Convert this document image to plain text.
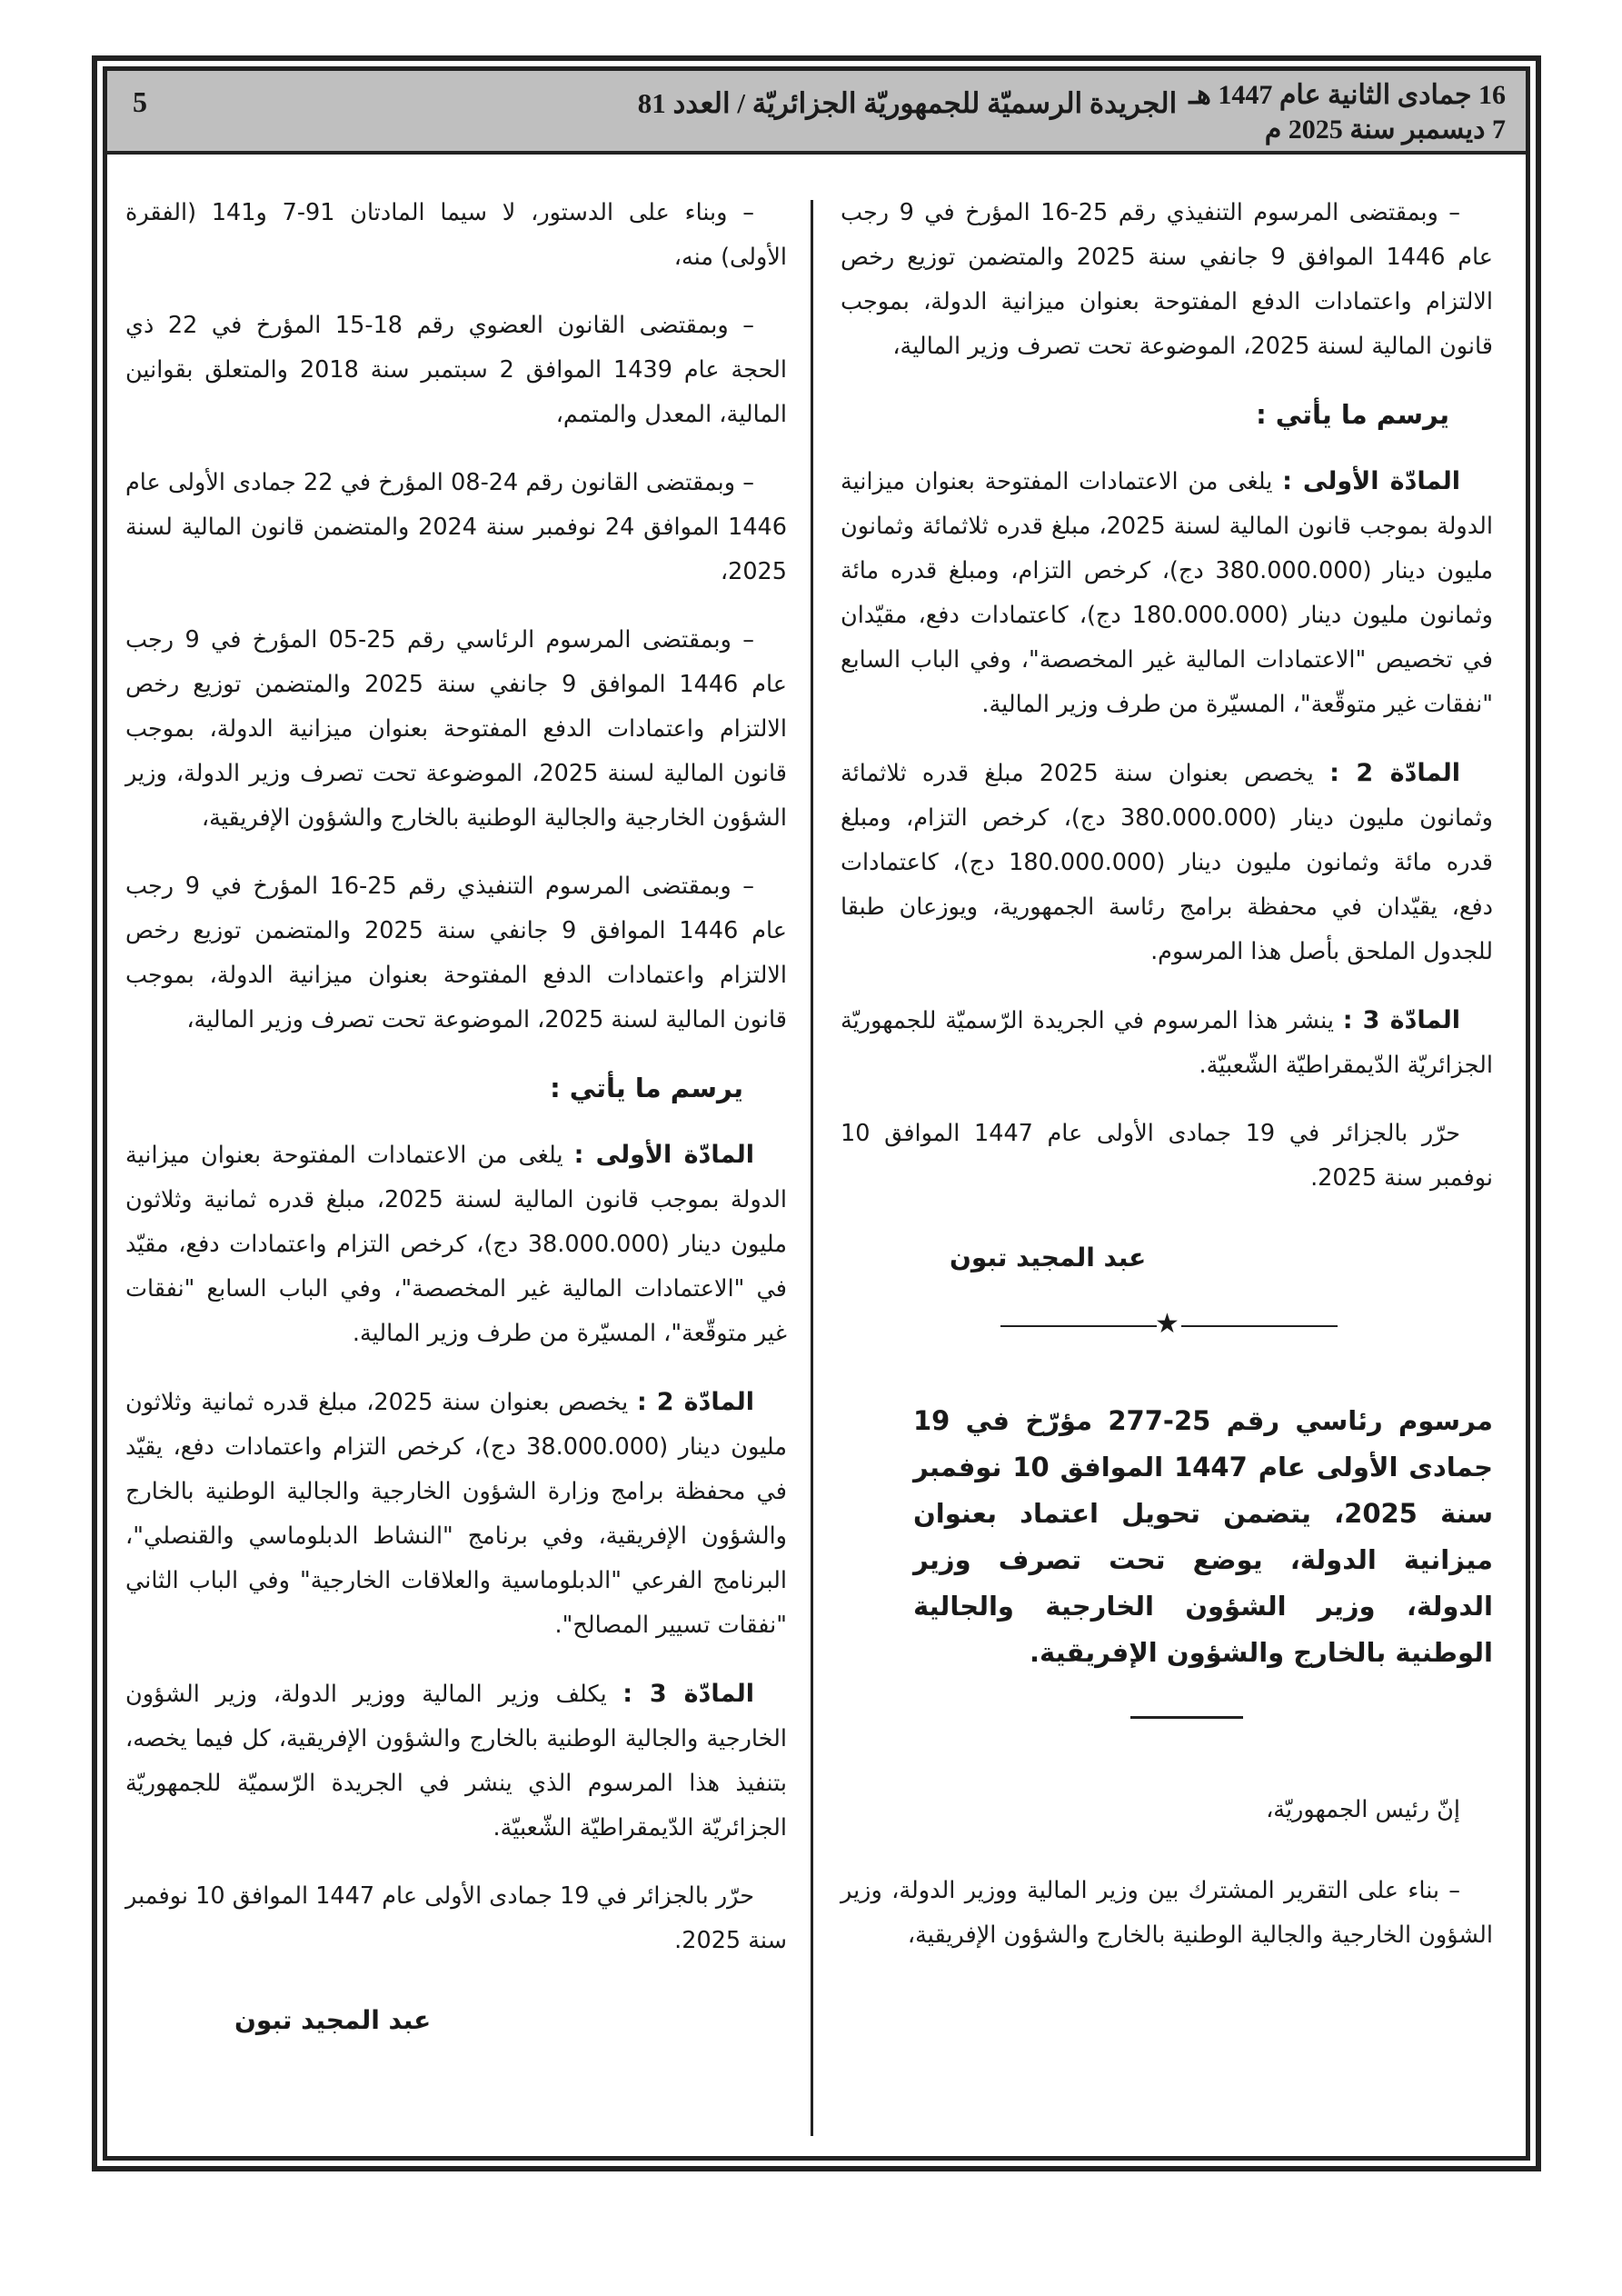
16 جمادى الثانية عام 1447 هـ
7 ديسمبر سنة 2025 م
الجريدة الرسميّة للجمهوريّة الجزائريّة / العدد 81
5

– وبمقتضى المرسوم التنفيذي رقم 25-16 المؤرخ في 9 رجب عام 1446 الموافق 9 جانفي سنة 2025 والمتضمن توزيع رخص الالتزام واعتمادات الدفع المفتوحة بعنوان ميزانية الدولة، بموجب قانون المالية لسنة 2025، الموضوعة تحت تصرف وزير المالية،

يرسم ما يأتي :

المادّة الأولى : يلغى من الاعتمادات المفتوحة بعنوان ميزانية الدولة بموجب قانون المالية لسنة 2025، مبلغ قدره ثلاثمائة وثمانون مليون دينار (380.000.000 دج)، كرخص التزام، ومبلغ قدره مائة وثمانون مليون دينار (180.000.000 دج)، كاعتمادات دفع، مقيّدان في تخصيص "الاعتمادات المالية غير المخصصة"، وفي الباب السابع "نفقات غير متوقّعة"، المسيّرة من طرف وزير المالية.

المادّة 2 : يخصص بعنوان سنة 2025 مبلغ قدره ثلاثمائة وثمانون مليون دينار (380.000.000 دج)، كرخص التزام، ومبلغ قدره مائة وثمانون مليون دينار (180.000.000 دج)، كاعتمادات دفع، يقيّدان في محفظة برامج رئاسة الجمهورية، ويوزعان طبقا للجدول الملحق بأصل هذا المرسوم.

المادّة 3 : ينشر هذا المرسوم في الجريدة الرّسميّة للجمهوريّة الجزائريّة الدّيمقراطيّة الشّعبيّة.

حرّر بالجزائر في 19 جمادى الأولى عام 1447 الموافق 10 نوفمبر سنة 2025.

عبد المجيد تبون
★
مرسوم رئاسي رقم 25-277 مؤرّخ في 19 جمادى الأولى عام 1447 الموافق 10 نوفمبر سنة 2025، يتضمن تحويل اعتماد بعنوان ميزانية الدولة، يوضع تحت تصرف وزير الدولة، وزير الشؤون الخارجية والجالية الوطنية بالخارج والشؤون الإفريقية.

إنّ رئيس الجمهوريّة،

– بناء على التقرير المشترك بين وزير المالية ووزير الدولة، وزير الشؤون الخارجية والجالية الوطنية بالخارج والشؤون الإفريقية،

– وبناء على الدستور، لا سيما المادتان 91-7 و141 (الفقرة الأولى) منه،

– وبمقتضى القانون العضوي رقم 18-15 المؤرخ في 22 ذي الحجة عام 1439 الموافق 2 سبتمبر سنة 2018 والمتعلق بقوانين المالية، المعدل والمتمم،

– وبمقتضى القانون رقم 24-08 المؤرخ في 22 جمادى الأولى عام 1446 الموافق 24 نوفمبر سنة 2024 والمتضمن قانون المالية لسنة 2025،

– وبمقتضى المرسوم الرئاسي رقم 25-05 المؤرخ في 9 رجب عام 1446 الموافق 9 جانفي سنة 2025 والمتضمن توزيع رخص الالتزام واعتمادات الدفع المفتوحة بعنوان ميزانية الدولة، بموجب قانون المالية لسنة 2025، الموضوعة تحت تصرف وزير الدولة، وزير الشؤون الخارجية والجالية الوطنية بالخارج والشؤون الإفريقية،

– وبمقتضى المرسوم التنفيذي رقم 25-16 المؤرخ في 9 رجب عام 1446 الموافق 9 جانفي سنة 2025 والمتضمن توزيع رخص الالتزام واعتمادات الدفع المفتوحة بعنوان ميزانية الدولة، بموجب قانون المالية لسنة 2025، الموضوعة تحت تصرف وزير المالية،

يرسم ما يأتي :

المادّة الأولى : يلغى من الاعتمادات المفتوحة بعنوان ميزانية الدولة بموجب قانون المالية لسنة 2025، مبلغ قدره ثمانية وثلاثون مليون دينار (38.000.000 دج)، كرخص التزام واعتمادات دفع، مقيّد في "الاعتمادات المالية غير المخصصة"، وفي الباب السابع "نفقات غير متوقّعة"، المسيّرة من طرف وزير المالية.

المادّة 2 : يخصص بعنوان سنة 2025، مبلغ قدره ثمانية وثلاثون مليون دينار (38.000.000 دج)، كرخص التزام واعتمادات دفع، يقيّد في محفظة برامج وزارة الشؤون الخارجية والجالية الوطنية بالخارج والشؤون الإفريقية، وفي برنامج "النشاط الدبلوماسي والقنصلي"، البرنامج الفرعي "الدبلوماسية والعلاقات الخارجية" وفي الباب الثاني "نفقات تسيير المصالح".

المادّة 3 : يكلف وزير المالية ووزير الدولة، وزير الشؤون الخارجية والجالية الوطنية بالخارج والشؤون الإفريقية، كل فيما يخصه، بتنفيذ هذا المرسوم الذي ينشر في الجريدة الرّسميّة للجمهوريّة الجزائريّة الدّيمقراطيّة الشّعبيّة.

حرّر بالجزائر في 19 جمادى الأولى عام 1447 الموافق 10 نوفمبر سنة 2025.

عبد المجيد تبون
